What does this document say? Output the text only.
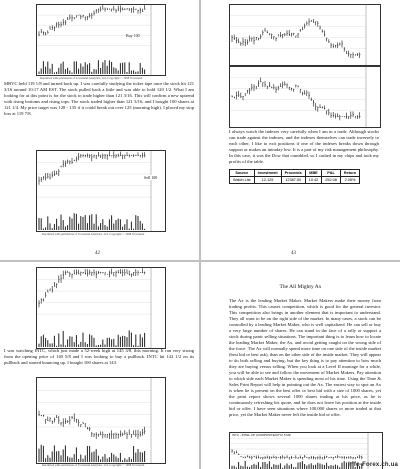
Buy 100

Reprinted with permission of Townsend Analytics, Ltd. Copyright © 1998 Townsend

MBVC held 119 1/8 and turned back up. I was carefully studying the ticker tape once the stock hit 121 3/16 around 10:17 AM EST. The stock pulled back a little and was able to hold 120 1/2. What I am looking for at this point is for the stock to trade higher than 121 3/16. This will confirm a new uptrend with rising bottoms and rising tops. The stock traded higher than 121 3/16, and I bought 100 shares at 121 1/4. My price target was 128 - 135 if it could break out over 125 (morning high). I placed my stop loss at 119 7/8.

Sell 100

Reprinted with permission of Townsend Analytics, Ltd. Copyright © 1998 Townsend

42

I always watch the indexes very carefully when I am in a trade. Although stocks can trade against the indexes, and the indexes themselves can trade inversely to each other, I like to exit positions if one of the indexes breaks down through support or makes an intraday low. It is a part of my risk management philosophy. In this case, it was the Dow that crumbled, so I cashed in my chips and took my profits of the table.

Source	Investment	Proceeds	MBE	P&L	Return
Watch List	12,125	12387.50	10.42	252.08	2.08%
43

I was watching INTC, which just made a 52-week high at 145 3/8, this morning. It ran very strong from the opening price of 140 5/8 and I was looking to buy a pullback. INTC hit 142 1/2 on its pullback and started bouncing up. I bought 100 shares at 143.

Reprinted with permission of Townsend Analytics, Ltd. Copyright © 1998 Townsend

The All Mighty Ax

The Ax is the leading Market Maker. Market Makers make their money from trading profits. This causes competition, which is good for the general investor. This competition also brings in another element that is important to understand. They all want to be on the right side of the market. In many cases, a stock can be controlled by a leading Market Maker, who is well capitalized. He can sell or buy a very large number of shares. He can stand in the face of a rally or support a stock during panic selling situations. The important thing is to learn how to locate the leading Market Maker, the Ax, and avoid getting caught on the wrong side of the force. The Ax will normally spend more time on one side of the inside market (best bid or best ask), than on the other side of the inside market. They will appear to do both selling and buying, but the key thing is to pay attention to how much they are buying versus selling. When you look at a Level II montage for a while, you will be able to see and follow the movement of Market Makers. Pay attention to which side each Market Maker is spending most of his time. Using the Time & Sales Print Report will help in pointing out the Ax. The easiest way to spot an Ax is when he is present on the best offer or best bid with a size of 1000 shares, yet the print report shows several 1000 shares trading at his price, as he is continuously refreshing his quote, and he does not leave his position at the inside bid or offer. I have seen situations where 100,000 shares or more traded at that price, yet the Market Maker never left the inside bid or offer.

INTC - INTEL CP (COMPOSITE/OTC) 5 Min
Info-Forex.ch.ua
